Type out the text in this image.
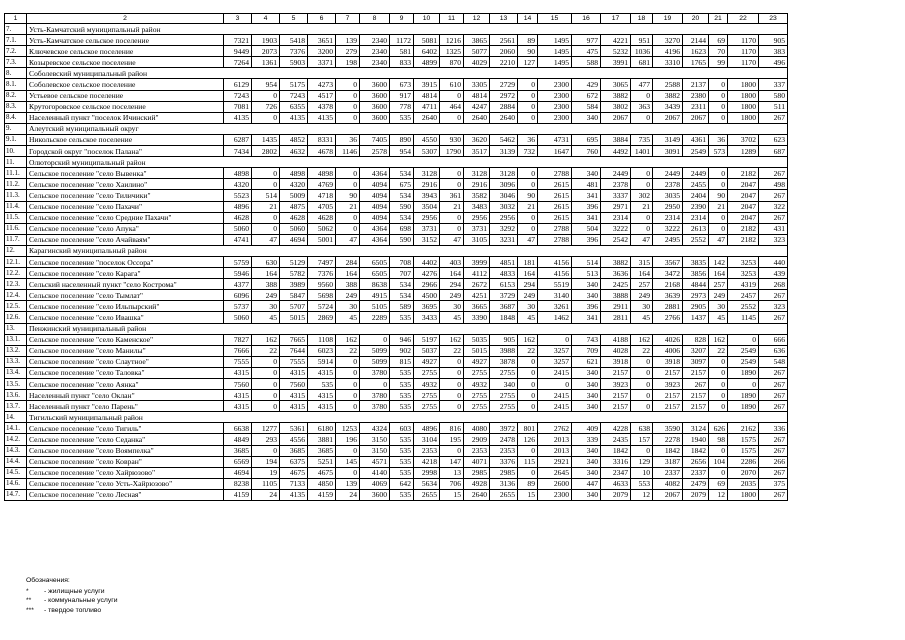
1	2	3	4	5	6	7	8	9	10	11	12	13	14	15	16	17	18	19	20	21	22	23
7.	Усть-Камчатский муниципальный район																					
7.1.	Усть-Камчатское сельское поселение	7321	1903	5418	3651	139	2340	1172	5081	1216	3865	2561	89	1495	977	4221	951	3270	2144	69	1170	905
7.2.	Ключевское сельское поселение	9449	2073	7376	3200	279	2340	581	6402	1325	5077	2060	90	1495	475	5232	1036	4196	1623	70	1170	383
7.3.	Козыревское сельское поселение	7264	1361	5903	3371	198	2340	833	4899	870	4029	2210	127	1495	588	3991	681	3310	1765	99	1170	496
8.	Соболевский муниципальный район																					
8.1.	Соболевское сельское поселение	6129	954	5175	4273	0	3600	673	3915	610	3305	2729	0	2300	429	3065	477	2588	2137	0	1800	337
8.2.	Устьевое сельское поселение	7243	0	7243	4517	0	3600	917	4814	0	4814	2972	0	2300	672	3882	0	3882	2380	0	1800	580
8.3.	Крутогоровское сельское поселение	7081	726	6355	4378	0	3600	778	4711	464	4247	2884	0	2300	584	3802	363	3439	2311	0	1800	511
8.4.	Населенный пункт "поселок Ичинский"	4135	0	4135	4135	0	3600	535	2640	0	2640	2640	0	2300	340	2067	0	2067	2067	0	1800	267
9.	Алеутский муниципальный округ																					
9.1.	Никольское сельское поселение	6287	1435	4852	8331	36	7405	890	4550	930	3620	5462	36	4731	695	3884	735	3149	4361	36	3702	623
10.	Городской округ "поселок Палана"	7434	2802	4632	4678	1146	2578	954	5307	1790	3517	3139	732	1647	760	4492	1401	3091	2549	573	1289	687
11.	Олюторский муниципальный район																					
11.1.	Сельское поселение "село Вывенка"	4898	0	4898	4898	0	4364	534	3128	0	3128	3128	0	2788	340	2449	0	2449	2449	0	2182	267
11.2.	Сельское поселение "село Хаилино"	4320	0	4320	4769	0	4094	675	2916	0	2916	3096	0	2615	481	2378	0	2378	2455	0	2047	498
11.3.	Сельское поселение "село Тиличики"	5523	514	5009	4718	90	4094	534	3943	361	3582	3046	90	2615	341	3337	302	3035	2404	90	2047	267
11.4.	Сельское поселение "село Пахачи"	4896	21	4875	4705	21	4094	590	3504	21	3483	3032	21	2615	396	2971	21	2950	2390	21	2047	322
11.5.	Сельское поселение "село Средние Пахачи"	4628	0	4628	4628	0	4094	534	2956	0	2956	2956	0	2615	341	2314	0	2314	2314	0	2047	267
11.6.	Сельское поселение "село Апука"	5060	0	5060	5062	0	4364	698	3731	0	3731	3292	0	2788	504	3222	0	3222	2613	0	2182	431
11.7.	Сельское поселение "село Ачайваям"	4741	47	4694	5001	47	4364	590	3152	47	3105	3231	47	2788	396	2542	47	2495	2552	47	2182	323
12.	Карагинский муниципальный район																					
12.1.	Сельское поселение "поселок Оссора"	5759	630	5129	7497	284	6505	708	4402	403	3999	4851	181	4156	514	3882	315	3567	3835	142	3253	440
12.2.	Сельское поселение "село Карага"	5946	164	5782	7376	164	6505	707	4276	164	4112	4833	164	4156	513	3636	164	3472	3856	164	3253	439
12.3.	Сельский населенный пункт "село Кострома"	4377	388	3989	9560	388	8638	534	2966	294	2672	6153	294	5519	340	2425	257	2168	4844	257	4319	268
12.4.	Сельское поселение "село Тымлат"	6096	249	5847	5698	249	4915	534	4500	249	4251	3729	249	3140	340	3888	249	3639	2973	249	2457	267
12.5.	Сельское поселение "село Ильпырский"	5737	30	5707	5724	30	5105	589	3695	30	3665	3687	30	3261	396	2911	30	2881	2905	30	2552	323
12.6.	Сельское поселение "село Ивашка"	5060	45	5015	2869	45	2289	535	3433	45	3390	1848	45	1462	341	2811	45	2766	1437	45	1145	267
13.	Пенжинский муниципальный район																					
13.1.	Сельское поселение "село Каменское"	7827	162	7665	1108	162	0	946	5197	162	5035	905	162	0	743	4188	162	4026	828	162	0	666
13.2.	Сельское поселение "село Манилы"	7666	22	7644	6023	22	5099	902	5037	22	5015	3988	22	3257	709	4028	22	4006	3207	22	2549	636
13.3.	Сельское поселение "село Слаутное"	7555	0	7555	5914	0	5099	815	4927	0	4927	3878	0	3257	621	3918	0	3918	3097	0	2549	548
13.4.	Сельское поселение "село Таловка"	4315	0	4315	4315	0	3780	535	2755	0	2755	2755	0	2415	340	2157	0	2157	2157	0	1890	267
13.5.	Сельское поселение "село Аянка"	7560	0	7560	535	0	0	535	4932	0	4932	340	0	0	340	3923	0	3923	267	0	0	267
13.6.	Населенный пункт "село Оклан"	4315	0	4315	4315	0	3780	535	2755	0	2755	2755	0	2415	340	2157	0	2157	2157	0	1890	267
13.7.	Населенный пункт "село Парень"	4315	0	4315	4315	0	3780	535	2755	0	2755	2755	0	2415	340	2157	0	2157	2157	0	1890	267
14.	Тигильский муниципальный район																					
14.1.	Сельское поселение "село Тигиль"	6638	1277	5361	6180	1253	4324	603	4896	816	4080	3972	801	2762	409	4228	638	3590	3124	626	2162	336
14.2.	Сельское поселение "село Седанка"	4849	293	4556	3881	196	3150	535	3104	195	2909	2478	126	2013	339	2435	157	2278	1940	98	1575	267
14.3.	Сельское поселение "село Воямпелка"	3685	0	3685	3685	0	3150	535	2353	0	2353	2353	0	2013	340	1842	0	1842	1842	0	1575	267
14.4.	Сельское поселение "село Ковран"	6569	194	6375	5251	145	4571	535	4218	147	4071	3376	115	2921	340	3316	129	3187	2656	104	2286	266
14.5.	Сельское поселение "село Хайрюзово"	4694	19	4675	4675	0	4140	535	2998	13	2985	2985	0	2645	340	2347	10	2337	2337	0	2070	267
14.6.	Сельское поселение "село Усть-Хайрюзово"	8238	1105	7133	4850	139	4069	642	5634	706	4928	3136	89	2600	447	4633	553	4082	2479	69	2035	375
14.7.	Сельское поселение "село Лесная"	4159	24	4135	4159	24	3600	535	2655	15	2640	2655	15	2300	340	2079	12	2067	2079	12	1800	267
Обозначения:
* - жилищные услуги
** - коммунальные услуги
*** - твердое топливо
